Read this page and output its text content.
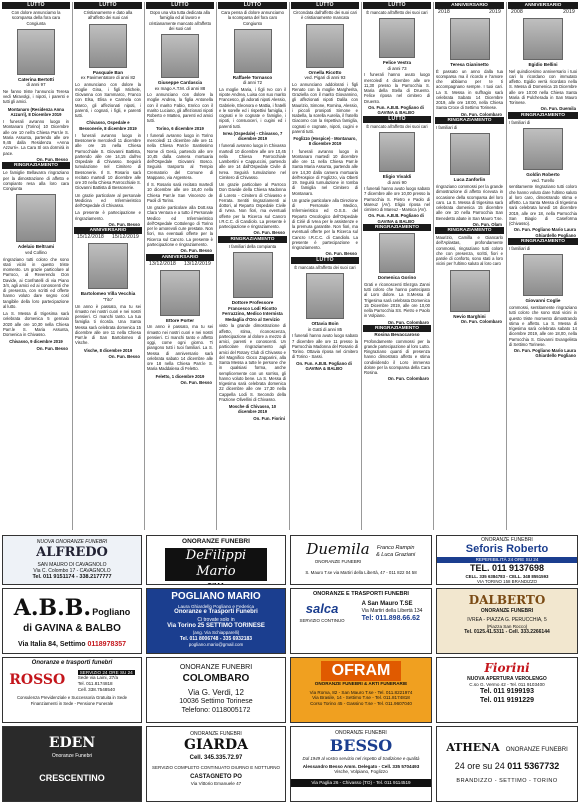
LUTTO
Con dolore annunciamo la scomparsa della fora cara Congiunta
Caterina Bertotti
di anni 97
Ne fanno triste l'annuncio Teresa vedi Miravolgi, i nipoti, i parenti e tutti gli amici.
Montanaro (Residenza Anna Azzurri), 8 Dicembre 2019
I funerali avranno luogo in Montanaro (Torino) 10 Dicembre alle ore 10 nell'a Chiesa Parr.le S. Maria Assunta, partendo alle ore 9,45 dalla Residenza «Anna Azzurri». La Cara Sl ora dormirà in pace.
On. Fun. Besso
RINGRAZIAMENTO
Le famiglie Bellavarra ringraziano per la dimostrazione di affetto e compianto resa alla loro cara Congiunta
Adelaio Beltrami
ved Collino
ringraziano tutti coloro che sono stati vicini in questo triste momento. Un grazie particolare al Parroco, al Reverendo Don Davide, ai Confratelli di via Piano 3/4, agli amici ed ai conoscenti che di presenza, con scritti ed offerte hanno voluto dare segno così tangibile della loro partecipazione al lutto.
La S. Messa di trigesima sarà celebrata domenica 5 gennaio 2020 alle ore 10,30 nella Chiesa Parr.le S. Maria Assunta, Domenica in Chivasso.
Chivasso, 9 dicembre 2019
On. Fun. Besso
LUTTO
Cristianamente e dato alla all'affetto dei suoi cari
Pasquale Ban
ex Pavimentatore di anni 82
Lo annunciano con dolore la moglie Gina, i figli Michele, Giovanna con Sammarco, Franco con Elsa, Elisa e Carmela con Marco, gli affezionati nipoti, i parenti, i cognati, i figli, e parenti tutti.
Chivasso, Ospedale e Bessonerie, 8 dicembre 2019
I funerali avranno luogo in Bessonerie mercoledì 11 dicembre alle ore 15 nella Chiesa Parrocchiale S. Giovanni Battista, partendo alle ore 14,15 dall'ex Ospedale di Chivasso. Seguirà tumulazione nel Cimitero di Bessonerie. Il S. Rosario sarà recitato martedì 10 dicembre alle ore 20 nella Chiesa Parrocchiale S. Giovanni Battista di Bessonerie.
Un grazie particolare al personale Medicina ed Infermieristico dell'Ospedale di Chivasso.
La presente è partecipazione e ringraziamento.
On. Fun. Besso
ANNIVERSARIO
15/12/2018 15/12/2019
Bartolomeo Villa Vecchia
"Tito"
Un anno è passato, ma tu sei rimasto nei nostri cuori e nei nostri pensieri. Ci manchi tanto. La tua famiglia ti ricorda. Una Santa Messa sarà celebrata domenica 15 dicembre alle ore 11 nella Chiesa Parr.le di San Bartolomeo di Vische.
Vische, 8 dicembre 2019
On. Fun. Besso
LUTTO
Dopo una vita tutta dedicata alla famiglia ed al lavoro e cristianamente mancato all'affetto dei suoi cari
Giuseppe Cardascia
ex mago A.T.M. di anni 88
Lo annunciano con dolore la moglie Andrea, la figlia Antonella con il marito Fabio, Enrico con il marito Luciano, gli affezionati nipoti Roberto e Matteo, parenti ed amici tutti.
Torino, 6 dicembre 2019
I funerali avranno luogo in Torino mercoledì 11 dicembre alle ore 11 nella Chiesa Parr.le Santissimo Nome di Gesù, partendo alle ore 10,45 dalla camera mortuaria dell'Ospedale Giovanni Bosco. Seguirà trasporto al Tempio Crematorio del Comune di Mappano, via Argentera.
Il S. Rosario sarà recitato martedì 10 dicembre alle ore 18,40 nella Chiesa Parr.le San Vincenzo de Paoli di Torino.
Un grazie particolare alla Dott.ssa Clara Ventura e a tutto il Personale Medico ed Infermieristico dell'Ospedale Cottolengo di Torino per le amorevoli cure prestate. Non fiori, ma eventuali offerte per la Ricerca sul Cancro. La presente è partecipazione e ringraziamento.
On. Fun. Besso
ANNIVERSARIO
13/12/2018 13/12/2019
Ettore Porter
Un anno è passato, ma tu sei rimasto nei nostri cuori e nei nostri pensieri. Ci manchi tanto e affetto oggi, come ogni giorno. Ti piangono tutti i tuoi familiari. La S. Messa di anniversario sarà celebrata sabato 14 dicembre alle ore 18 nella Chiesa Parr.le S. Maria Maddalena di Feletto.
Feletto, 1 dicembre 2019
On. Fun. Besso
LUTTO
Cara pensa di dolore annunciamo la scomparsa del fora caro Congiunto
Raffaele Tornasco
di anni 72
La moglie Maria, i figli Ivo con il nipote Andrea, Luisa con suo marito Francesco, gli adorati nipoti Alessio, Gabriele, Eleonora e Mattia, i fratelli e le sorelle ed i rispettivi famiglia, i cognati e le cognate e famiglie, i nipoti, i consuoceri, i cugini ed i parenti tutti.
Ivrea (Ospedale) - Chivasso, 7 dicembre 2019
I funerali avranno luogo in Chivasso martedì 10 dicembre alle ore 10,45 nella Chiesa Parrocchiale Lambertini e Cappuccini, partendo alle ore 14 dall'Ospedale Civile di Ivrea. Seguirà tumulazione nel Cimitero di Chivasso.
Un grazie particolare al Parroco Don Davide della Chiesa Madonna di Loreto - Cimitero di Chivasso e Ferrata. Sentiti ringraziamenti ai dottori, al Reparto Ospedale Civile di Ivrea. Non fiori, ma eventuali offerte per la Ricerca sul Cancro I.R.C.C. di Candiolo. La presente è partecipazione e ringraziamento.
On. Fun. Besso
RINGRAZIAMENTO
I familiari della compianta
Dottore Professore
Francesco Lodi Ricotto Ferrazzino, Medico Internista Medaglia d'Oro al Servizio
visto la grande dimostrazione di affetto, stima, riconoscenza, partecipazione al dolore a mezzo di amici, parenti e conoscenti. Un particolare ringraziamento agli amici del Rotary Club di Chivasso e del Magnifico Gioco Zapparini, alla Santa Messa a tutte le persone che in qualsiasi forma, anche semplicemente con un sorriso, gli hanno voluto bene. La S. Messa di trigesima sarà celebrata domenica 22 dicembre alle ore 17,30 nella Cappella Lodi S. Secondo della Frazione Olivellini di Chivasso.
Mosche di Chivasso, 10 dicembre 2019
On. Fun. Fiorini
LUTTO
Circondata dall'affetto dei suoi cari è cristianamente mancata
Ornella Ricotto
ved. Pigari di anni 93
Lo annunciano addolorati i figli Renato con la moglie Margherita, Graziella con il marito Giovannino, gli affezionati nipoti Dalila con Maurizio, Simone, Romina, Alessio, i piccoli pronipoti Simone e Isabella, la sorella Aurelia, il fratello Giacomo con la rispettiva famiglia, cognati e cognate, nipoti, cugini e parenti tutti.
Foglizzo (Hospice) - Montanaro, 8 dicembre 2019
I funerali avranno luogo in Montanaro martedì 10 dicembre alle ore 11 nella Chiesa Parr.le Santa Maria Assunta, partendo alle ore 14,30 dalla camera mortuaria dell'Hospice di Foglizzo, via Oberti 19. Seguirà tumulazione in tomba di famiglia nel Cimitero di Montanaro.
Un grazie particolare alla Direzione di Personale Medico, Infermieristico ed O.S.S. del Reparto Oncologico dell'Ospedale di Ciriè di Ivrea per le assistenze e la premura garantite. Non fiori, ma eventuali offerte per la Ricerca sul Cancro I.R.C.C. di Candiolo. La presente è partecipazione e ringraziamento.
On. Fun. Besso
LUTTO
È mancata all'affetto dei suoi cari
Ottavia Boin
in Gatti di anni 85
I funerali hanno avuto luogo sabato 7 dicembre alle ore 11 presso la Parrocchia Madonna del Rosario di Torino. Ottavia riposa nel cimitero di Torino - Sassi.
On. Fun. A.B.B. Pogliano di GAVINA & BALBO
LUTTO
È mancato all'affetto dei suoi cari
Felice Vestra
di anni 73
I funerali hanno avuto luogo mercoledì 4 dicembre alle ore 11,30 presso la Parrocchia S. Maria della Stella di Druento. Felice riposa nel cimitero di Druento.
On. Fun. A.B.B. Pogliano di GAVINA & BALBO
LUTTO
È mancato all'affetto dei suoi cari
Eligio Vivaldi
di anni 90
I funerali hanno avuto luogo sabato 7 dicembre alle ore 10,00 presso la Parrocchia S. Pietro e Paolo di Mareuz (AV). Eligio riposa nel cimitero di Mareuz - Marsica (AV).
On. Fun. A.B.B. Pogliano di GAVINA & BALBO
RINGRAZIAMENTO
Domenica Gorino
Grati e riconoscenti Elezgra Zanni tutti coloro che hanno partecipato al Loro dolore. La S.Messa di Trigesima sarà celebrata Domenica 15 Dicembre 2019, alle ore 10,00 nella Parrocchia SS. Pietro e Paolo in Volpiano.
On. Fun. Colombaro
RINGRAZIAMENTO
Rosina Bevaccaroso
Profondamente commossi per la grande partecipazione al loro Lutto. Ringraziano quanti di presenza hanno dimostrato affetto e stima condividendo il Loro immenso dolore per la scomparsa della Cara Rosina.
On. Fun. Colombaro
ANNIVERSARIO
2018	2019
Teresa Gianinetto
È passato un anno dalla tua scomparsa ma il ricordo e l'amore che abbiamo per te ti accompagnano sempre. I tuoi cari. La S. Messa in suffragio sarà celebrata Sabato 14 Dicembre 2019, alle ore 18:00, nella Chiesa Santa Croce di Settimo Torinese.
On. Fun. Colombaro
RINGRAZIAMENTO
I familiari di
Luca Zanforlin
ringraziano commossi per la grande dimostrazione di affetto ricevuta in occasione della scomparsa del loro caro. La S. Messa di trigesima sarà celebrata domenica 15 dicembre alle ore 10 nella Parrocchia San Benedetto abate in San Mauro T.se.
On. Fun. Olam
RINGRAZIAMENTO
Maurizio, Camilla e Giancarlo dell'Aplastas, profondamente commossi, ringraziano tutti coloro che con presenza, scritti, fiori e parole di conforto, sono stati a loro vicini per l'ultimo saluto al loro caro
Nevio Barghini
On. Fun. Colombaro
ANNIVERSARIO
2008	2019
Egidio Bellini
Nel quindicesimo anniversario i tuoi cari lo ricordano con immutato affetto. Egidio verrà ricordato nella S. Messa di Domenica 15 Dicembre alle ore 10:00 nella Chiesa Santa Maria di Pulcherada in San Mauro Torinese.
On. Fun. Duemila
RINGRAZIAMENTO
I familiari di
Goldin Roberto
ved. Turello
sentitamente ringraziano tutti coloro che hanno voluto dare l'ultimo saluto al loro caro, dimostrando stima e affetto. La Santa Messa di trigesima sarà celebrata lunedì 16 dicembre 2019, alle ore 18, nella Parrocchia San Biagio di Caseforma (Chivasso).
On. Fun. Pogliano Mario Laura Ghiardello Pogliano
RINGRAZIAMENTO
I familiari di
Giovanni Coglie
commossi, sentitamente ringraziano tutti coloro che sono stati vicini in questo triste momento dimostrando stima e affetto. La S. Messa di trigesima sarà celebrata sabato 14 dicembre 2019, alle ore 18,00, nella Parrocchia S. Giovanni Evangelista di Settimo Torinese.
On. Fun. Pogliano Mario Laura Ghiardello Pogliano
NUOVA ONORANZE FUNEBRI
ALFREDO
SAN MAURO DI CAVAGNOLO
Via C. Colombo 17 - CAVAGNOLO
Tel. 011 9151174 - 338.2177777
ONORANZE FUNEBRI
DeFilippi Mario
Duemila
ONORANZE FUNEBRI
Franco Rampin & Luca Graziani
S. Mauro T.se via Martiri della Libertà, 47 - 011 822 04 58
ONORANZE FUNEBRI
Seforis Roberto
REPERIBILITÀ 24 ORE SU 24
TEL. 011 9137698
CELL. 335 6384783 - CELL. 348 8551593
VIA TORINO 158 BRANDIZZO
A.B.B. Pogliano
di GAVINA & BALBO
Via Italia 84, Settimo 0118978357
POGLIANO MARIO
Laura Ghiardello Pogliano e Federica
Onoranze e Trasporti Funebri
Ci trovate solo in
Via Torino 25 SETTIMO TORINESE
(ang. Via Schiapparelli)
Tel. 011 8006748 - 335 6932183
pogliano.mario@gmail.com
ONORANZE E TRASPORTI FUNEBRI
salca
SERVIZIO CONTINUO
A San Mauro T.SE
Via Martiri della Libertà 134
Tel: 011.898.66.62
DALBERTO
ONORANZE FUNEBRI
IVREA - PIAZZA G. PERUCCHIA, 5
(Piazza San Rocco)
Tel. 0125.41.5311 - Cell. 333.2266144
Onoranze e trasporti funebri
ROSSO
SERVIZIO 24 ORE SU 24
Sede via Laini, 27/a
Tel. 011.8174818
Cell. 338.7548540
Consulenza Previdenziale e Successoria Gratuita in Sede
Finanziamenti in Sede - Pensione Funerale
ONORANZE FUNEBRI
COLOMBARO
Via G. Verdi, 12
10036 Settimo Torinese
Telefono: 0118005172
OFRAM
ONORANZE FUNEBRI & ARTI FUNERARIE
Via Roma, 82 - San Mauro T.se - Tel. 011.8221974
Via Brasile, 14 - Settimo T.se - Tel. 011.8174818
Corso Torino 45 - Gassino T.se - Tel. 011.9607040
Fiorini
NUOVA APERTURA VEROLENGO
C.so G. Vermo 42 - Tel. 011 9103400
Tel. 011 9199193
Tel. 011 9191229
EDEN
Onoranze Funebri
CRESCENTINO
ONORANZE FUNEBRI
GIARDA
Cell. 345.335.72.97
SERVIZIO COMPLETO CONTINUATO DIURNO E NOTTURNO
CASTAGNETO PO
Via Vittorio Emanuele 47
ONORANZE FUNEBRI
BESSO
Dal 1949 al vostro servizio nel rispetto di tradizione e qualità
Alessandro Besso Amm. Delegato - Cell. 335 5704493
Vische, Volpiano, Foglizzo
Via Paglia 26 - Chivasso (TO) - Tel. 011 9114519
ATHENA ONORANZE FUNEBRI
24 ore su 24 011 5367732
BRANDIZZO - SETTIMO - TORINO
